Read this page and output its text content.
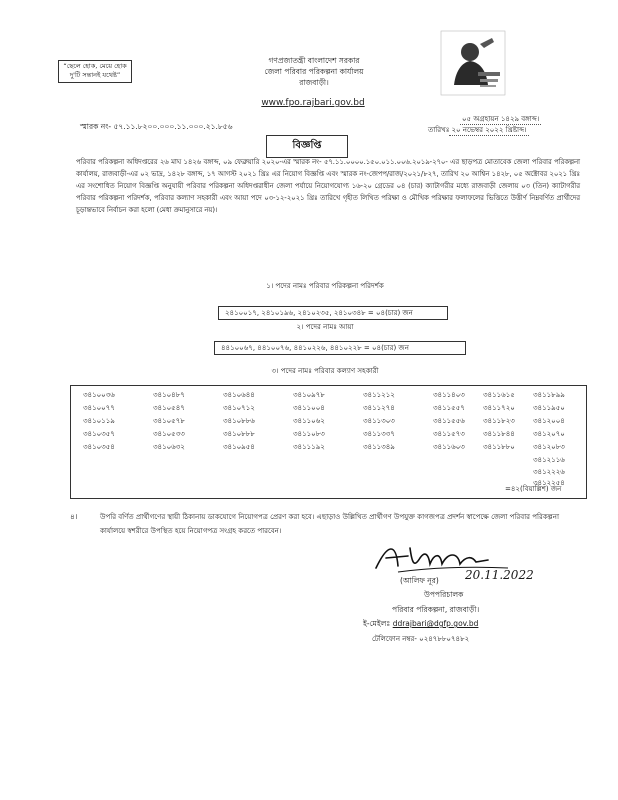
“ছেলে হোক, মেয়ে হোক
দু'টি সন্তানই যথেষ্ট”
গণপ্রজাতন্ত্রী বাংলাদেশ সরকার
জেলা পরিবার পরিকল্পনা কার্যালয়
রাজবাড়ী।
www.fpo.rajbari.gov.bd
স্মারক নং- ৫৭.১১.৮২০০.০০০.১১.০০০.২১.৮৫৬
০৫ অগ্রহায়ন ১৪২৯ বঙ্গাব্দ।
তারিখঃ ২০ নভেম্বর ২০২২ খ্রিষ্টাব্দ।
বিজ্ঞপ্তি
পরিবার পরিকল্পনা অধিদপ্তরের ২৬ মাঘ ১৪২৬ বঙ্গাব্দ, ০৯ ফেব্রুয়ারি ২০২০-এর স্মারক নং- ৫৭.১১.০০০০.১৫০.০১১.০০৬.২০১৯-২৭০- এর ছাড়পত্র মোতাবেক জেলা পরিবার পরিকল্পনা কার্যালয়, রাজবাড়ী-এর ০২ ভাদ্র, ১৪২৮ বঙ্গাব্দ, ১৭ আগস্ট ২০২১ খ্রিঃ এর নিয়োগ বিজ্ঞপ্তি এবং স্মারক নং-জেপপ/রাজ/২০২১/৮২৭, তারিখ ২০ আশ্বিন ১৪২৮, ০৫ অক্টোবর ২০২১ খ্রিঃ এর সংশোধিত নিয়োগ বিজ্ঞপ্তি অনুযায়ী পরিবার পরিকল্পনা অধিদপ্তরাধীন জেলা পর্যায়ে নিয়োগযোগ্য ১৬-২০ গ্রেডের ০৪ (চার) ক্যাটাগরীর মধ্যে রাজবাড়ী জেলায় ০৩ (তিন) ক্যাটাগরীর পরিবার পরিকল্পনা পরিদর্শক, পরিবার কল্যাণ সহকারী এবং আয়া পদে ০৩-১২-২০২১ খ্রিঃ তারিখে গৃহীত লিখিত পরিক্ষা ও মৌখিক পরিক্ষার ফলাফলের ভিত্তিতে উত্তীর্ণ নিম্নবর্ণিত প্রার্থীদের চূড়ান্তভাবে নির্বাচন করা হলো (মেধা ক্রমানুসারে নয়)।
১। পদের নামঃ পরিবার পরিকল্পনা পরিদর্শক
২৪১০০১৭, ২৪১০১৯৬, ২৪১০২৩৫, ২৪১০৩৪৮ = ০৪(চার) জন
২। পদের নামঃ আয়া
৪৪১০০৬৭, ৪৪১০০৭৬, ৪৪১০২২৬, ৪৪১০২২৮ = ০৪(চার) জন
৩। পদের নামঃ পরিবার কল্যাণ সহকারী
৩৪১০০৩৬
৩৪১০০৭৭
৩৪১০১১৯
৩৪১০৩৫৭
৩৪১০৩৫৪
৩৪১০৪৮৭
৩৪১০৫৪৭
৩৪১০৫৭৮
৩৪১০৫৩৩
৩৪১০৬৩২
৩৪১০৬৪৪
৩৪১০৭১২
৩৪১০৮৮৬
৩৪১০৮৮৮
৩৪১০৯৫৪
৩৪১০৯৭৮
৩৪১১০০৪
৩৪১১০৬২
৩৪১১০৮৩
৩৪১১১৯২
৩৪১১২১২
৩৪১১২৭৪
৩৪১১৩০৩
৩৪১১৩৩৭
৩৪১১৩৪৯
৩৪১১৪০৩
৩৪১১৫৫৭
৩৪১১৫৫৬
৩৪১১৫৭৩
৩৪১১৬০৩
৩৪১১৬১৫
৩৪১১৭২০
৩৪১১৮২৩
৩৪১১৮৪৪
৩৪১১৮৮০
৩৪১১৮৯৯
৩৪১১৯৫০
৩৪১২০০৪
৩৪১২০৭০
৩৪১২০৮৩
৩৪১২১১৬
৩৪১২২২৬
৩৪১২২৫৪
=৪২(বিয়াল্লিশ) জন
৪।	উপরি বর্ণিত প্রার্থীগণের স্থায়ী ঠিকানায় ডাকযোগে নিয়োগপত্র প্রেরণ করা হবে। এছাড়াও উল্লিখিত প্রার্থীগণ উপযুক্ত কাগজপত্র প্রদর্শন স্বাপেক্ষে জেলা পরিবার পরিকল্পনা কার্যালয়ে স্বশরীরে উপস্থিত হয়ে নিয়োগপত্র সংগ্রহ করতে পারবেন।
(আলিফ নূর) 20.11.2022
উপপরিচালক
পরিবার পরিকল্পনা, রাজবাড়ী।
ই-মেইলঃ ddrajbari@dgfp.gov.bd
টেলিফোন নম্বর- ০২৪৭৮৮০৭৪৮২
